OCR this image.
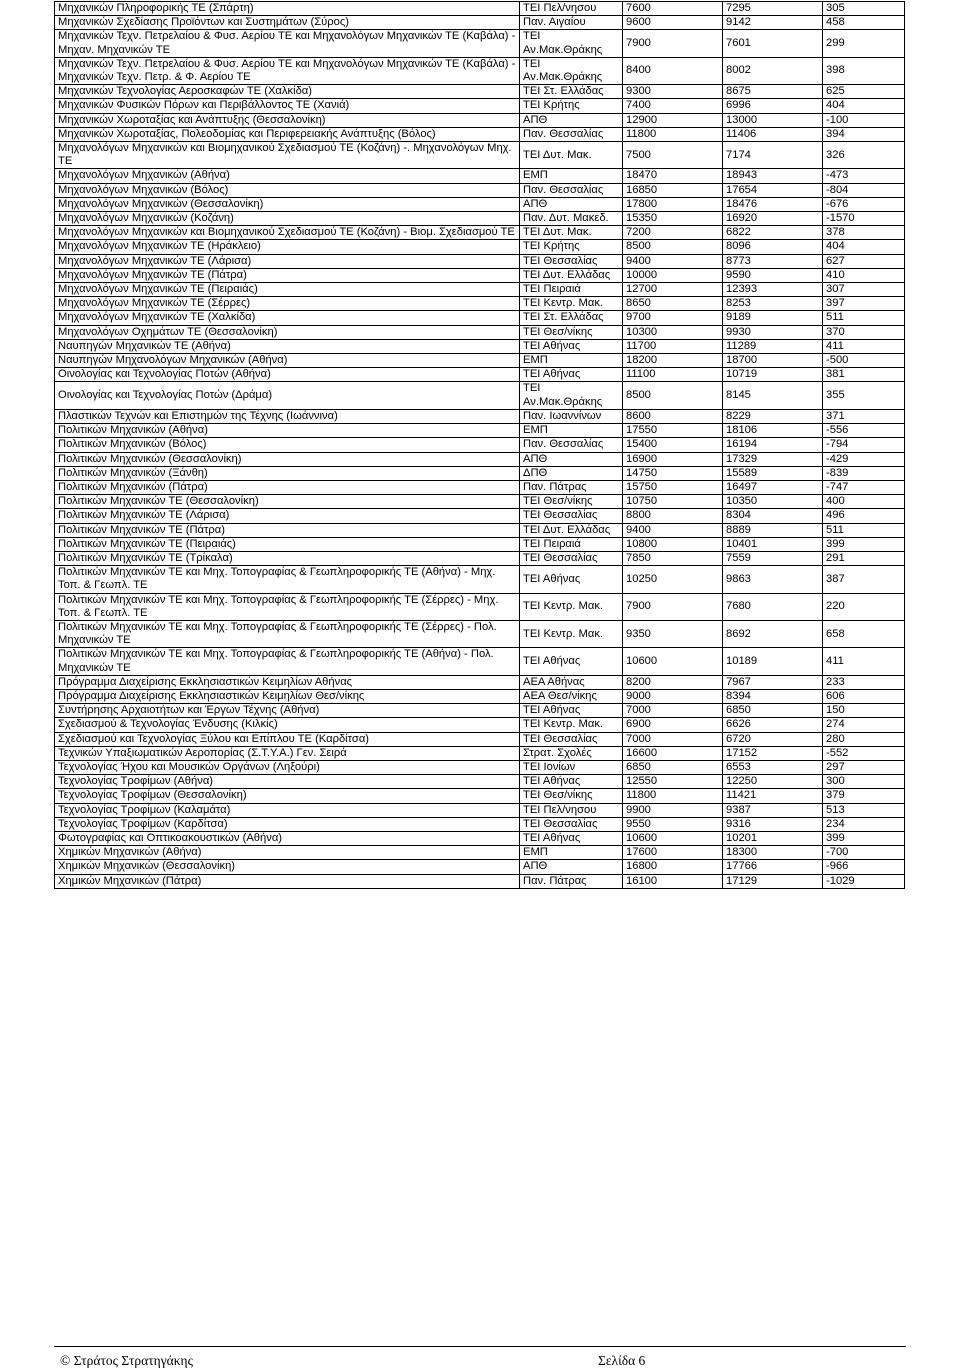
Μηχανικών Πληροφορικής ΤΕ (Σπάρτη)	ΤΕΙ Πελ/νησου	7600	7295	305
Μηχανικών Σχεδίασης Προϊόντων και Συστημάτων (Σύρος)	Παν. Αιγαίου	9600	9142	458
Μηχανικών Τεχν. Πετρελαίου & Φυσ. Αερίου ΤΕ και Μηχανολόγων Μηχανικών ΤΕ (Καβάλα) - Μηχαν. Μηχανικών ΤΕ	ΤΕΙ Αν.Μακ.Θράκης	7900	7601	299
Μηχανικών Τεχν. Πετρελαίου & Φυσ. Αερίου ΤΕ και Μηχανολόγων Μηχανικών ΤΕ (Καβάλα) - Μηχανικών Τεχν. Πετρ. & Φ. Αερίου ΤΕ	ΤΕΙ Αν.Μακ.Θράκης	8400	8002	398
Μηχανικών Τεχνολογίας Αεροσκαφών ΤΕ (Χαλκίδα)	ΤΕΙ Στ. Ελλάδας	9300	8675	625
Μηχανικών Φυσικών Πόρων και Περιβάλλοντος ΤΕ (Χανιά)	ΤΕΙ Κρήτης	7400	6996	404
Μηχανικών Χωροταξίας και Ανάπτυξης (Θεσσαλονίκη)	ΑΠΘ	12900	13000	-100
Μηχανικών Χωροταξίας, Πολεοδομίας και Περιφερειακής Ανάπτυξης (Βόλος)	Παν. Θεσσαλίας	11800	11406	394
Μηχανολόγων Μηχανικών και Βιομηχανικού Σχεδιασμού ΤΕ (Κοζάνη) -. Μηχανολόγων Μηχ. ΤΕ	ΤΕΙ Δυτ. Μακ.	7500	7174	326
Μηχανολόγων Μηχανικών (Αθήνα)	ΕΜΠ	18470	18943	-473
Μηχανολόγων Μηχανικών (Βόλος)	Παν. Θεσσαλίας	16850	17654	-804
Μηχανολόγων Μηχανικών (Θεσσαλονίκη)	ΑΠΘ	17800	18476	-676
Μηχανολόγων Μηχανικών (Κοζάνη)	Παν. Δυτ. Μακεδ.	15350	16920	-1570
Μηχανολόγων Μηχανικών και Βιομηχανικού Σχεδιασμού ΤΕ (Κοζάνη) - Βιομ. Σχεδιασμού ΤΕ	ΤΕΙ Δυτ. Μακ.	7200	6822	378
Μηχανολόγων Μηχανικών ΤΕ (Ηράκλειο)	ΤΕΙ Κρήτης	8500	8096	404
Μηχανολόγων Μηχανικών ΤΕ (Λάρισα)	ΤΕΙ Θεσσαλίας	9400	8773	627
Μηχανολόγων Μηχανικών ΤΕ (Πάτρα)	ΤΕΙ Δυτ. Ελλάδας	10000	9590	410
Μηχανολόγων Μηχανικών ΤΕ (Πειραιάς)	ΤΕΙ Πειραιά	12700	12393	307
Μηχανολόγων Μηχανικών ΤΕ (Σέρρες)	ΤΕΙ Κεντρ. Μακ.	8650	8253	397
Μηχανολόγων Μηχανικών ΤΕ (Χαλκίδα)	ΤΕΙ Στ. Ελλάδας	9700	9189	511
Μηχανολόγων Οχημάτων ΤΕ (Θεσσαλονίκη)	ΤΕΙ Θεσ/νίκης	10300	9930	370
Ναυπηγών Μηχανικών ΤΕ (Αθήνα)	ΤΕΙ Αθήνας	11700	11289	411
Ναυπηγών Μηχανολόγων Μηχανικών (Αθήνα)	ΕΜΠ	18200	18700	-500
Οινολογίας και Τεχνολογίας Ποτών (Αθήνα)	ΤΕΙ Αθήνας	11100	10719	381
Οινολογίας και Τεχνολογίας Ποτών (Δράμα)	ΤΕΙ Αν.Μακ.Θράκης	8500	8145	355
Πλαστικών Τεχνών και Επιστημών της Τέχνης (Ιωάννινα)	Παν. Ιωαννίνων	8600	8229	371
Πολιτικών Μηχανικών (Αθήνα)	ΕΜΠ	17550	18106	-556
Πολιτικών Μηχανικών (Βόλος)	Παν. Θεσσαλίας	15400	16194	-794
Πολιτικών Μηχανικών (Θεσσαλονίκη)	ΑΠΘ	16900	17329	-429
Πολιτικών Μηχανικών (Ξάνθη)	ΔΠΘ	14750	15589	-839
Πολιτικών Μηχανικών (Πάτρα)	Παν. Πάτρας	15750	16497	-747
Πολιτικών Μηχανικών ΤΕ (Θεσσαλονίκη)	ΤΕΙ Θεσ/νίκης	10750	10350	400
Πολιτικών Μηχανικών ΤΕ (Λάρισα)	ΤΕΙ Θεσσαλίας	8800	8304	496
Πολιτικών Μηχανικών ΤΕ (Πάτρα)	ΤΕΙ Δυτ. Ελλάδας	9400	8889	511
Πολιτικών Μηχανικών ΤΕ (Πειραιάς)	ΤΕΙ Πειραιά	10800	10401	399
Πολιτικών Μηχανικών ΤΕ (Τρίκαλα)	ΤΕΙ Θεσσαλίας	7850	7559	291
Πολιτικών Μηχανικών ΤΕ και Μηχ. Τοπογραφίας & Γεωπληροφορικής ΤΕ (Αθήνα) - Μηχ. Τοπ. & Γεωπλ. ΤΕ	ΤΕΙ Αθήνας	10250	9863	387
Πολιτικών Μηχανικών ΤΕ και Μηχ. Τοπογραφίας & Γεωπληροφορικής ΤΕ (Σέρρες) - Μηχ. Τοπ. & Γεωπλ. ΤΕ	ΤΕΙ Κεντρ. Μακ.	7900	7680	220
Πολιτικών Μηχανικών ΤΕ και Μηχ. Τοπογραφίας & Γεωπληροφορικής ΤΕ (Σέρρες) - Πολ. Μηχανικών ΤΕ	ΤΕΙ Κεντρ. Μακ.	9350	8692	658
Πολιτικών Μηχανικών ΤΕ και Μηχ. Τοπογραφίας & Γεωπληροφορικής ΤΕ (Αθήνα) - Πολ. Μηχανικών ΤΕ	ΤΕΙ Αθήνας	10600	10189	411
Πρόγραμμα Διαχείρισης Εκκλησιαστικών Κειμηλίων Αθήνας	ΑΕΑ Αθήνας	8200	7967	233
Πρόγραμμα Διαχείρισης Εκκλησιαστικών Κειμηλίων Θεσ/νίκης	ΑΕΑ Θεσ/νίκης	9000	8394	606
Συντήρησης Αρχαιοτήτων και Έργων Τέχνης (Αθήνα)	ΤΕΙ Αθήνας	7000	6850	150
Σχεδιασμού & Τεχνολογίας Ένδυσης (Κιλκίς)	ΤΕΙ Κεντρ. Μακ.	6900	6626	274
Σχεδιασμού και Τεχνολογίας Ξύλου και Επίπλου ΤΕ (Καρδίτσα)	ΤΕΙ Θεσσαλίας	7000	6720	280
Τεχνικών Υπαξιωματικών Αεροπορίας (Σ.Τ.Υ.Α.) Γεν. Σειρά	Στρατ. Σχολές	16600	17152	-552
Τεχνολογίας Ήχου και Μουσικών Οργάνων (Ληξούρι)	ΤΕΙ Ιονίων	6850	6553	297
Τεχνολογίας Τροφίμων (Αθήνα)	ΤΕΙ Αθήνας	12550	12250	300
Τεχνολογίας Τροφίμων (Θεσσαλονίκη)	ΤΕΙ Θεσ/νίκης	11800	11421	379
Τεχνολογίας Τροφίμων (Καλαμάτα)	ΤΕΙ Πελ/νησου	9900	9387	513
Τεχνολογίας Τροφίμων (Καρδίτσα)	ΤΕΙ Θεσσαλίας	9550	9316	234
Φωτογραφίας και Οπτικοακουστικών (Αθήνα)	ΤΕΙ Αθήνας	10600	10201	399
Χημικών Μηχανικών (Αθήνα)	ΕΜΠ	17600	18300	-700
Χημικών Μηχανικών (Θεσσαλονίκη)	ΑΠΘ	16800	17766	-966
Χημικών Μηχανικών (Πάτρα)	Παν. Πάτρας	16100	17129	-1029
© Στράτος Στρατηγάκης	Σελίδα 6
